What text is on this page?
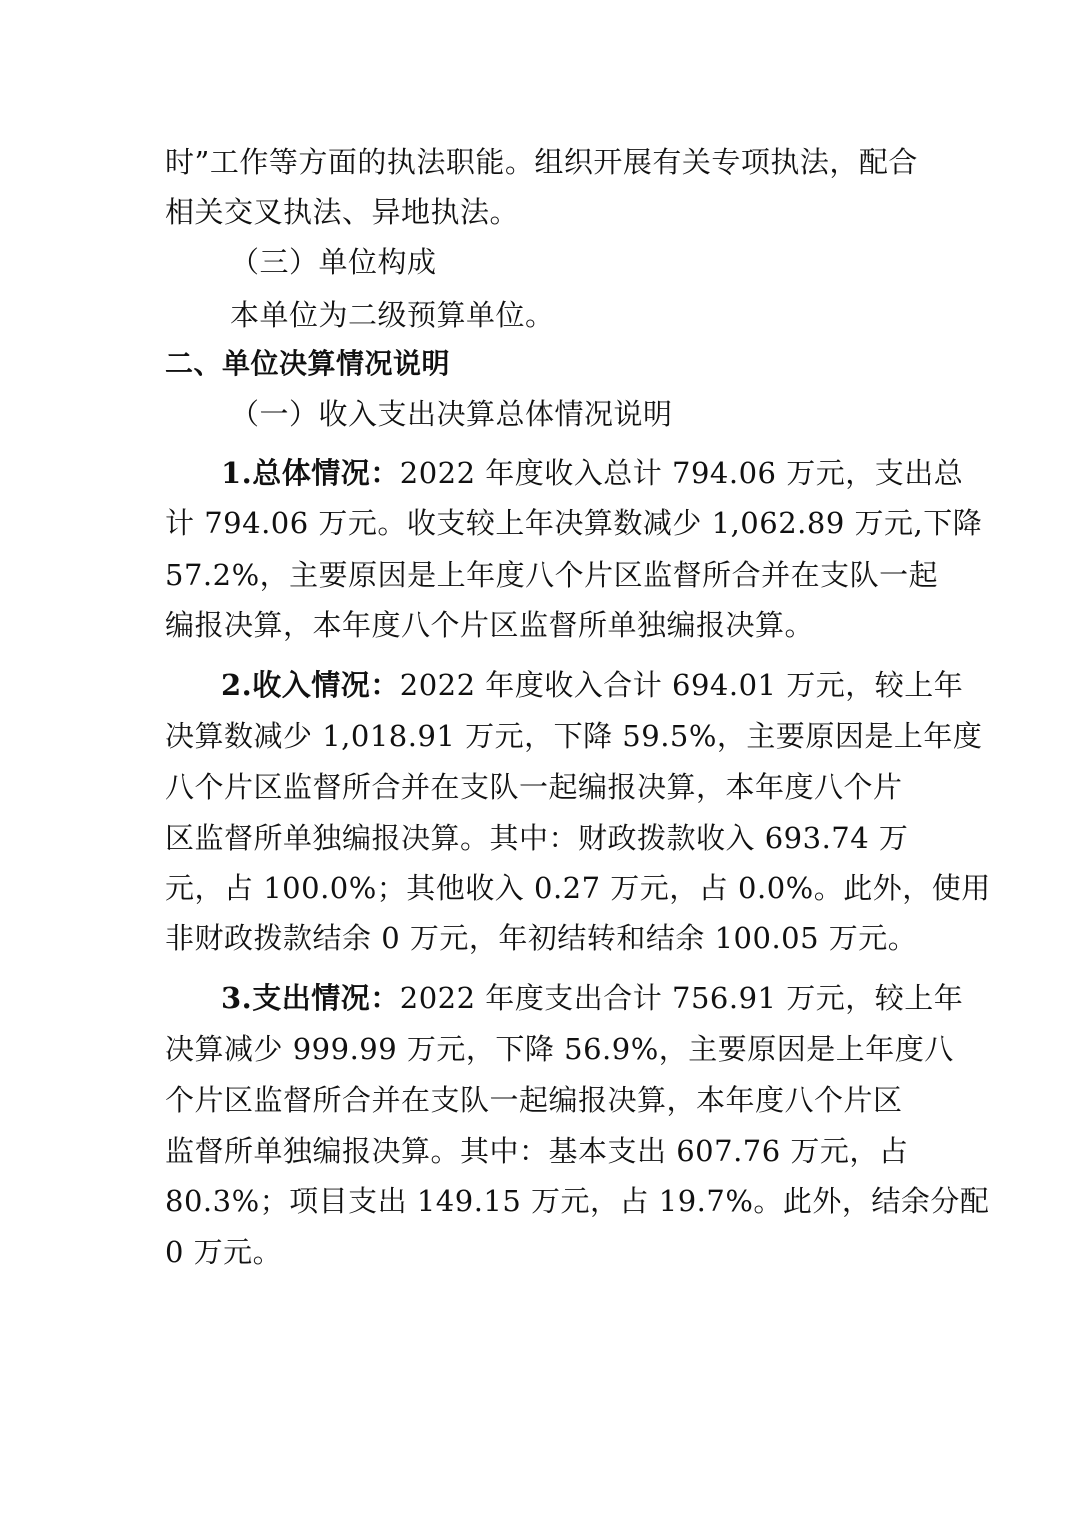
时”工作等方面的执法职能。组织开展有关专项执法，配合
相关交叉执法、异地执法。
（三）单位构成
本单位为二级预算单位。
二、单位决算情况说明
（一）收入支出决算总体情况说明
1.总体情况：2022 年度收入总计 794.06 万元，支出总
计 794.06 万元。收支较上年决算数减少 1,062.89 万元,下降
57.2%，主要原因是上年度八个片区监督所合并在支队一起
编报决算，本年度八个片区监督所单独编报决算。
2.收入情况：2022 年度收入合计 694.01 万元，较上年
决算数减少 1,018.91 万元，下降 59.5%，主要原因是上年度
八个片区监督所合并在支队一起编报决算，本年度八个片
区监督所单独编报决算。其中：财政拨款收入 693.74 万
元，占 100.0%；其他收入 0.27 万元，占 0.0%。此外，使用
非财政拨款结余 0 万元，年初结转和结余 100.05 万元。
3.支出情况：2022 年度支出合计 756.91 万元，较上年
决算减少 999.99 万元，下降 56.9%，主要原因是上年度八
个片区监督所合并在支队一起编报决算，本年度八个片区
监督所单独编报决算。其中：基本支出 607.76 万元，占
80.3%；项目支出 149.15 万元，占 19.7%。此外，结余分配
0 万元。
